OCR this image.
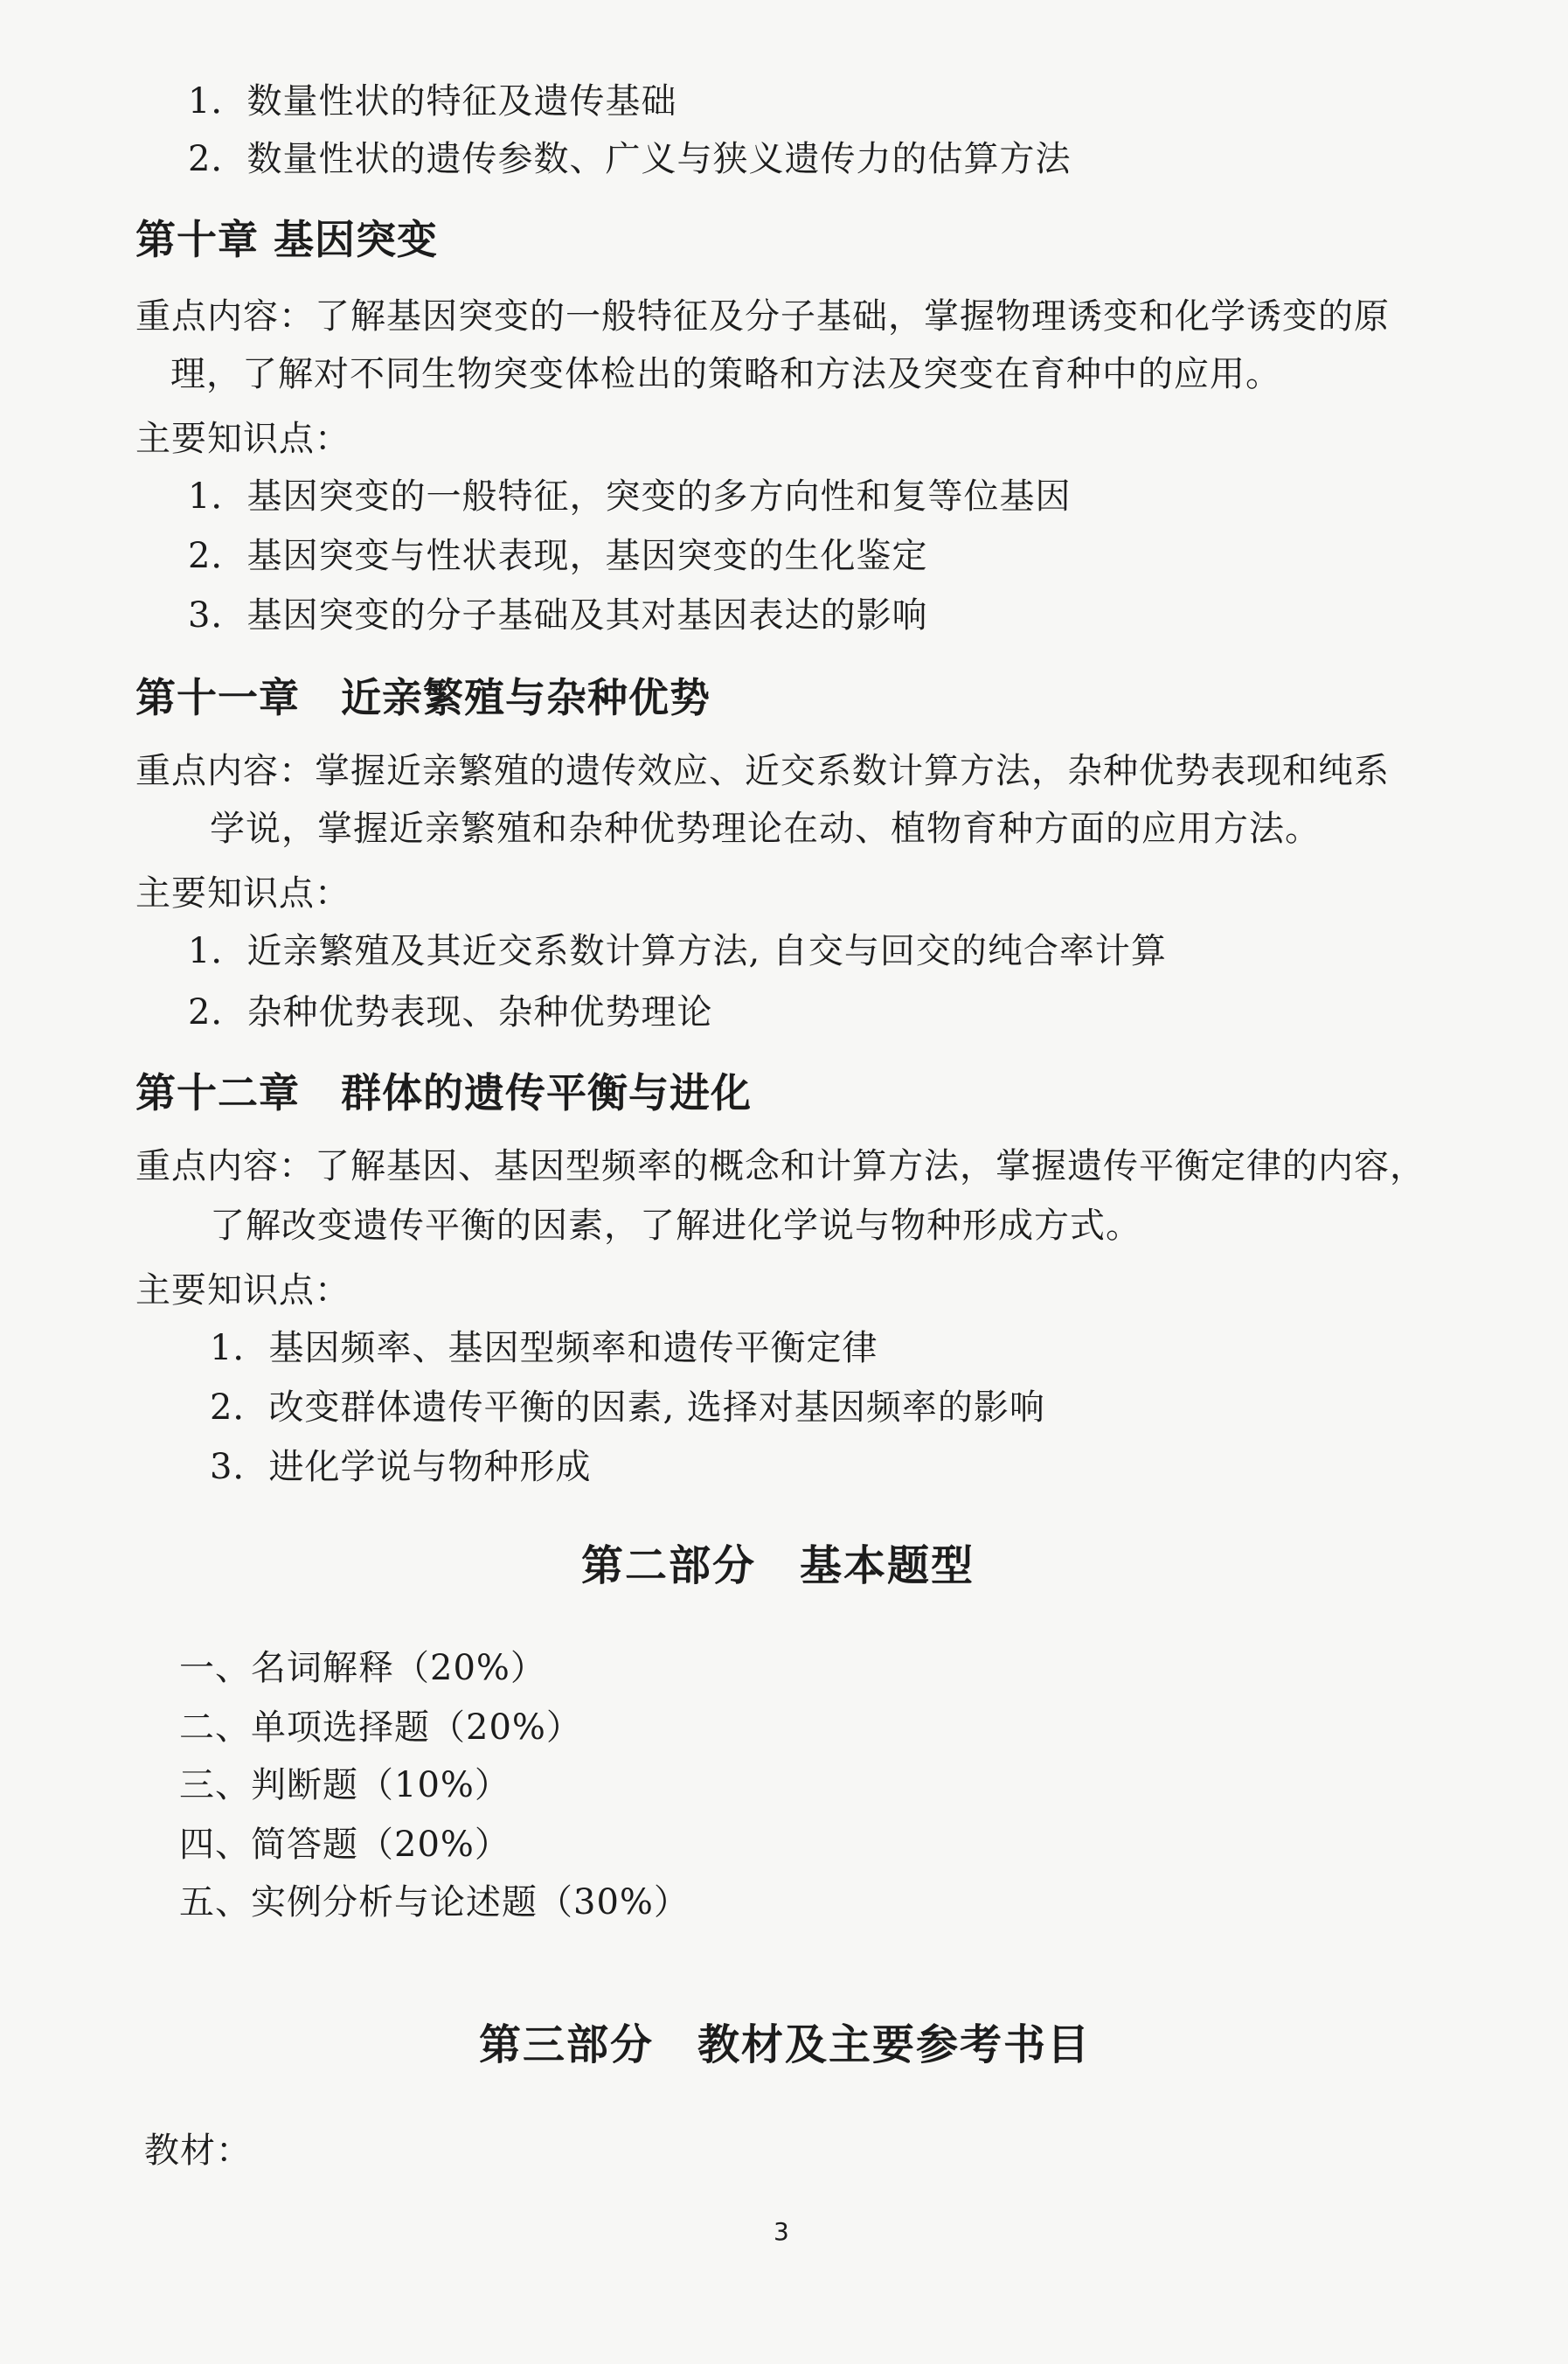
1．数量性状的特征及遗传基础
2．数量性状的遗传参数、广义与狭义遗传力的估算方法
第十章 基因突变
重点内容：了解基因突变的一般特征及分子基础，掌握物理诱变和化学诱变的原
理，了解对不同生物突变体检出的策略和方法及突变在育种中的应用。
主要知识点：
1．基因突变的一般特征，突变的多方向性和复等位基因
2．基因突变与性状表现，基因突变的生化鉴定
3．基因突变的分子基础及其对基因表达的影响
第十一章　近亲繁殖与杂种优势
重点内容：掌握近亲繁殖的遗传效应、近交系数计算方法，杂种优势表现和纯系
学说，掌握近亲繁殖和杂种优势理论在动、植物育种方面的应用方法。
主要知识点：
1．近亲繁殖及其近交系数计算方法, 自交与回交的纯合率计算
2．杂种优势表现、杂种优势理论
第十二章　群体的遗传平衡与进化
重点内容：了解基因、基因型频率的概念和计算方法，掌握遗传平衡定律的内容，
了解改变遗传平衡的因素，了解进化学说与物种形成方式。
主要知识点：
1．基因频率、基因型频率和遗传平衡定律
2．改变群体遗传平衡的因素, 选择对基因频率的影响
3．进化学说与物种形成
第二部分　基本题型
一、名词解释（20%）
二、单项选择题（20%）
三、判断题（10%）
四、简答题（20%）
五、实例分析与论述题（30%）
第三部分　教材及主要参考书目
教材：
3
